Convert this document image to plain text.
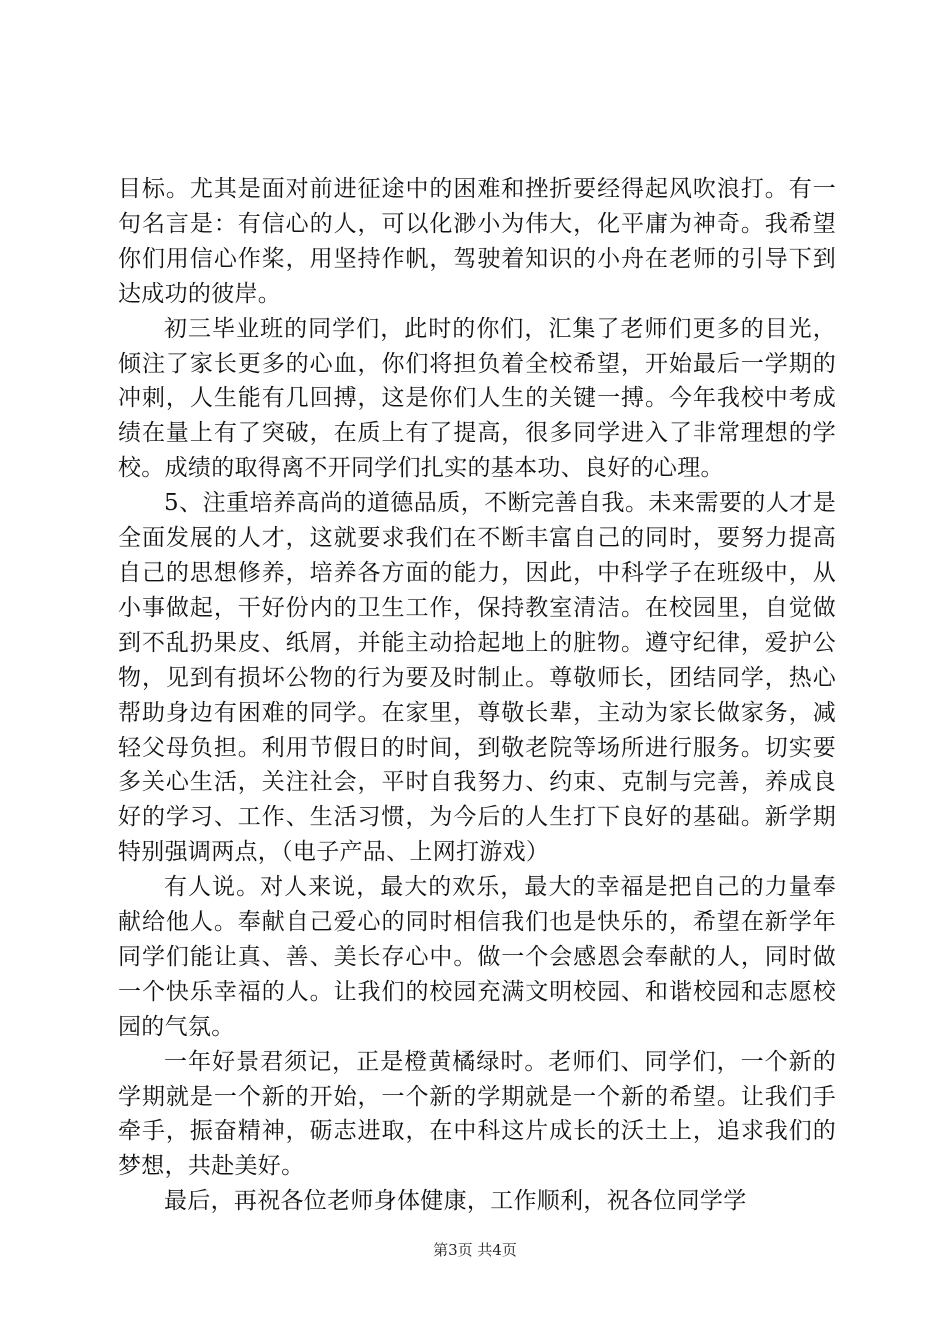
目标。尤其是面对前进征途中的困难和挫折要经得起风吹浪打。有一句名言是：有信心的人，可以化渺小为伟大，化平庸为神奇。我希望你们用信心作桨，用坚持作帆，驾驶着知识的小舟在老师的引导下到达成功的彼岸。

初三毕业班的同学们，此时的你们，汇集了老师们更多的目光，倾注了家长更多的心血，你们将担负着全校希望，开始最后一学期的冲刺，人生能有几回搏，这是你们人生的关键一搏。今年我校中考成绩在量上有了突破，在质上有了提高，很多同学进入了非常理想的学校。成绩的取得离不开同学们扎实的基本功、良好的心理。

5、注重培养高尚的道德品质，不断完善自我。未来需要的人才是全面发展的人才，这就要求我们在不断丰富自己的同时，要努力提高自己的思想修养，培养各方面的能力，因此，中科学子在班级中，从小事做起，干好份内的卫生工作，保持教室清洁。在校园里，自觉做到不乱扔果皮、纸屑，并能主动拾起地上的脏物。遵守纪律，爱护公物，见到有损坏公物的行为要及时制止。尊敬师长，团结同学，热心帮助身边有困难的同学。在家里，尊敬长辈，主动为家长做家务，减轻父母负担。利用节假日的时间，到敬老院等场所进行服务。切实要多关心生活，关注社会，平时自我努力、约束、克制与完善，养成良好的学习、工作、生活习惯，为今后的人生打下良好的基础。新学期特别强调两点，（电子产品、上网打游戏）

有人说。对人来说，最大的欢乐，最大的幸福是把自己的力量奉献给他人。奉献自己爱心的同时相信我们也是快乐的，希望在新学年同学们能让真、善、美长存心中。做一个会感恩会奉献的人，同时做一个快乐幸福的人。让我们的校园充满文明校园、和谐校园和志愿校园的气氛。

一年好景君须记，正是橙黄橘绿时。老师们、同学们，一个新的学期就是一个新的开始，一个新的学期就是一个新的希望。让我们手牵手，振奋精神，砺志进取，在中科这片成长的沃土上，追求我们的梦想，共赴美好。

最后，再祝各位老师身体健康，工作顺利，祝各位同学学

第3页 共4页
